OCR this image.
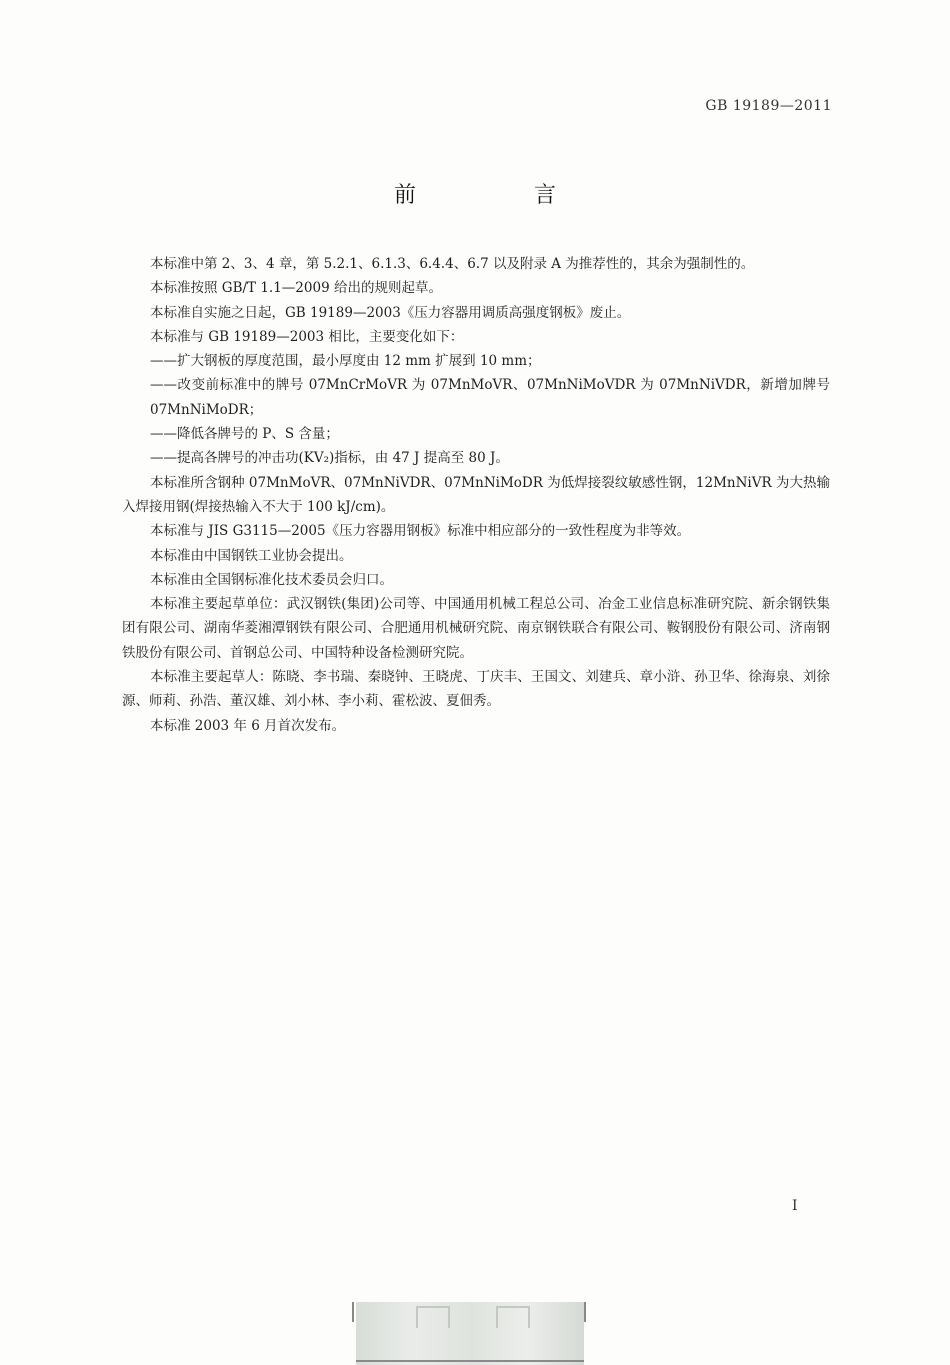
GB 19189—2011
前　言

本标准中第 2、3、4 章，第 5.2.1、6.1.3、6.4.4、6.7 以及附录 A 为推荐性的，其余为强制性的。

本标准按照 GB/T 1.1—2009 给出的规则起草。

本标准自实施之日起，GB 19189—2003《压力容器用调质高强度钢板》废止。

本标准与 GB 19189—2003 相比，主要变化如下：

——扩大钢板的厚度范围，最小厚度由 12 mm 扩展到 10 mm；

——改变前标准中的牌号 07MnCrMoVR 为 07MnMoVR、07MnNiMoVDR 为 07MnNiVDR，新增加牌号 07MnNiMoDR；

——降低各牌号的 P、S 含量；

——提高各牌号的冲击功(KV₂)指标，由 47 J 提高至 80 J。

本标准所含钢种 07MnMoVR、07MnNiVDR、07MnNiMoDR 为低焊接裂纹敏感性钢，12MnNiVR 为大热输入焊接用钢(焊接热输入不大于 100 kJ/cm)。

本标准与 JIS G3115—2005《压力容器用钢板》标准中相应部分的一致性程度为非等效。

本标准由中国钢铁工业协会提出。

本标准由全国钢标准化技术委员会归口。

本标准主要起草单位：武汉钢铁(集团)公司等、中国通用机械工程总公司、冶金工业信息标准研究院、新余钢铁集团有限公司、湖南华菱湘潭钢铁有限公司、合肥通用机械研究院、南京钢铁联合有限公司、鞍钢股份有限公司、济南钢铁股份有限公司、首钢总公司、中国特种设备检测研究院。

本标准主要起草人：陈晓、李书瑞、秦晓钟、王晓虎、丁庆丰、王国文、刘建兵、章小浒、孙卫华、徐海泉、刘徐源、师莉、孙浩、董汉雄、刘小林、李小莉、霍松波、夏佃秀。

本标准 2003 年 6 月首次发布。

I
